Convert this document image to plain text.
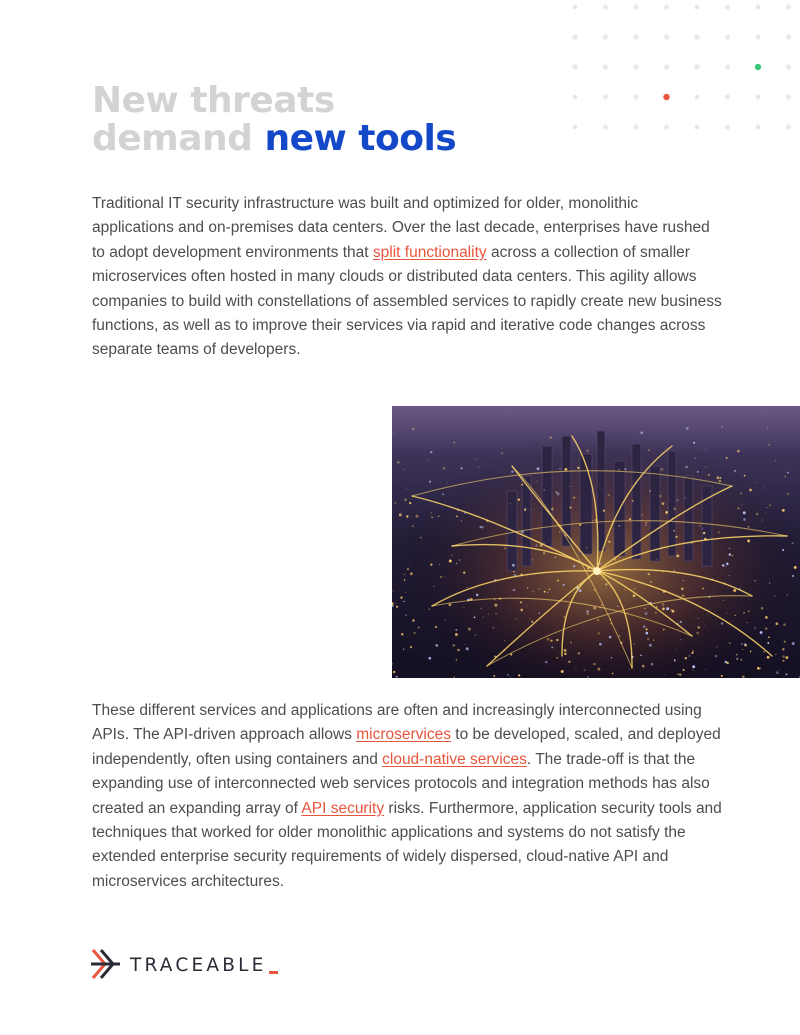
New threats
demand new tools

Traditional IT security infrastructure was built and optimized for older, monolithic applications and on-premises data centers. Over the last decade, enterprises have rushed to adopt development environments that split functionality across a collection of smaller microservices often hosted in many clouds or distributed data centers. This agility allows companies to build with constellations of assembled services to rapidly create new business functions, as well as to improve their services via rapid and iterative code changes across separate teams of developers.

These different services and applications are often and increasingly interconnected using APIs. The API-driven approach allows microservices to be developed, scaled, and deployed independently, often using containers and cloud-native services. The trade-off is that the expanding use of interconnected web services protocols and integration methods has also created an expanding array of API security risks. Furthermore, application security tools and techniques that worked for older monolithic applications and systems do not satisfy the extended enterprise security requirements of widely dispersed, cloud-native API and microservices architectures.

TRACEABLE
